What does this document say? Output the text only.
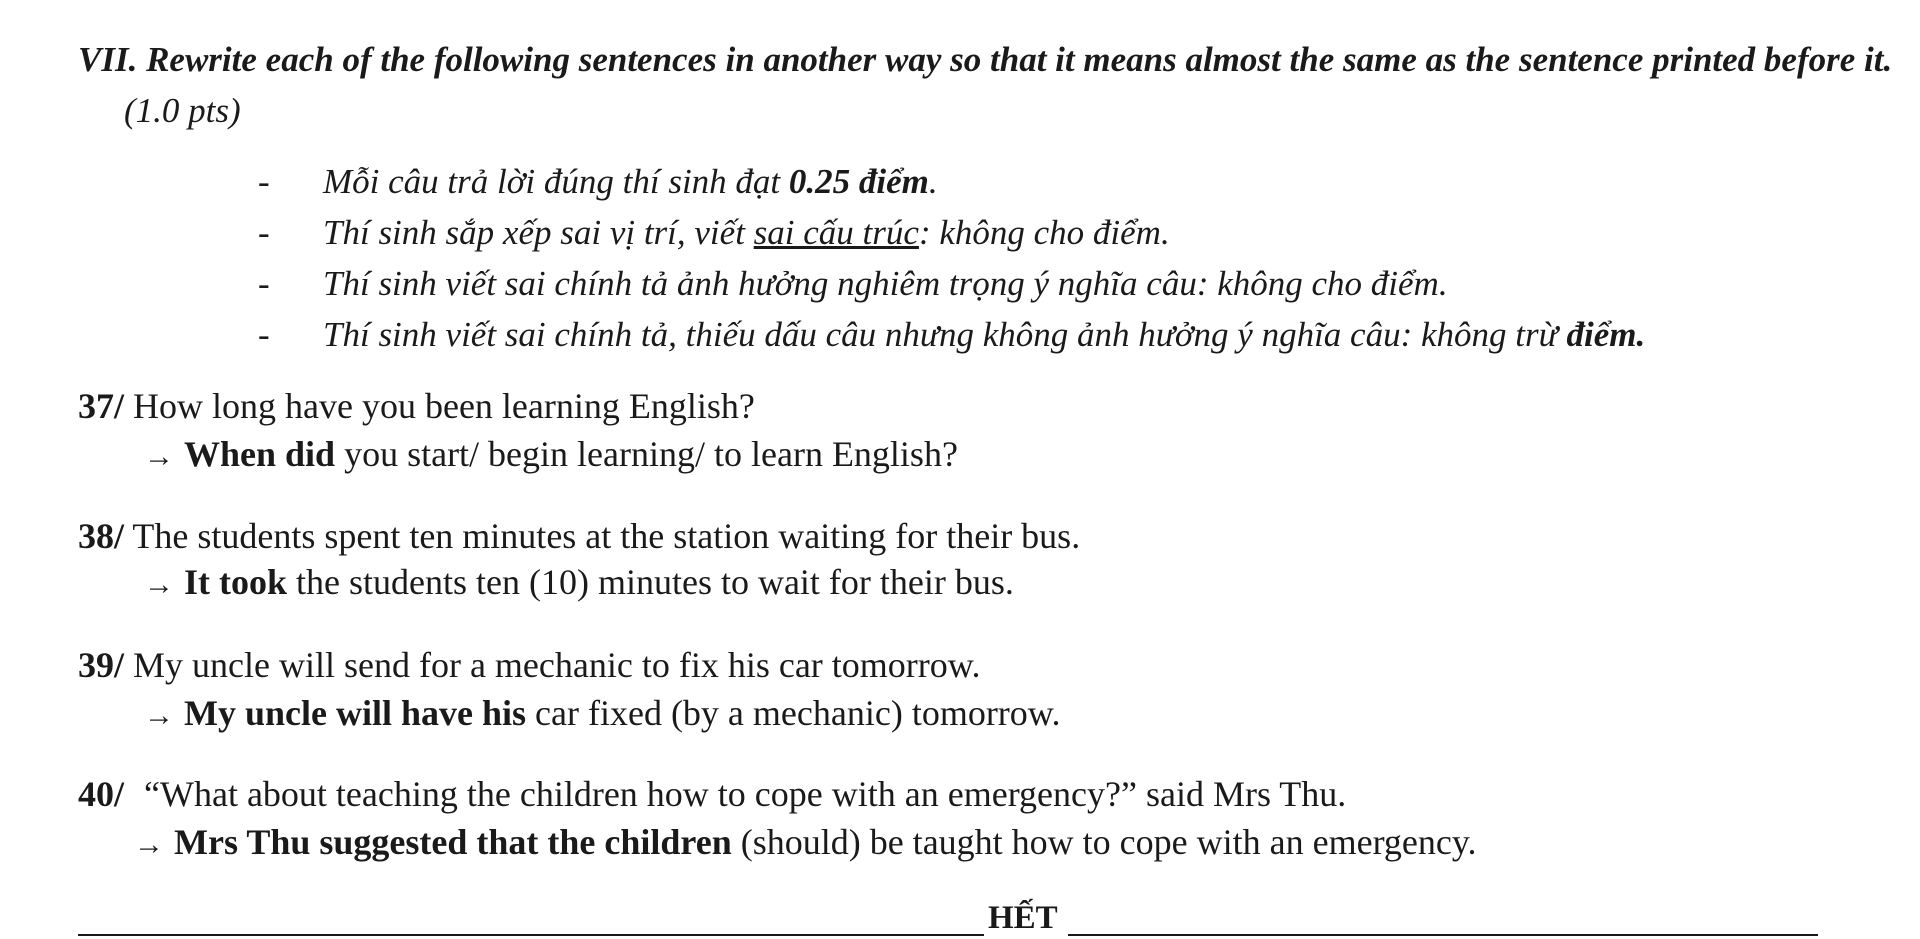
VII. Rewrite each of the following sentences in another way so that it means almost the same as the sentence printed before it.(1.0 pts)

- Mỗi câu trả lời đúng thí sinh đạt 0.25 điểm.
- Thí sinh sắp xếp sai vị trí, viết sai cấu trúc: không cho điểm.
- Thí sinh viết sai chính tả ảnh hưởng nghiêm trọng ý nghĩa câu: không cho điểm.
- Thí sinh viết sai chính tả, thiếu dấu câu nhưng không ảnh hưởng ý nghĩa câu: không trừ điểm.
37/ How long have you been learning English?
→ When did you start/ begin learning/ to learn English?
38/ The students spent ten minutes at the station waiting for their bus.
→ It took the students ten (10) minutes to wait for their bus.
39/ My uncle will send for a mechanic to fix his car tomorrow.
→ My uncle will have his car fixed (by a mechanic) tomorrow.
40/ “What about teaching the children how to cope with an emergency?” said Mrs Thu.
→ Mrs Thu suggested that the children (should) be taught how to cope with an emergency.
HẾT
